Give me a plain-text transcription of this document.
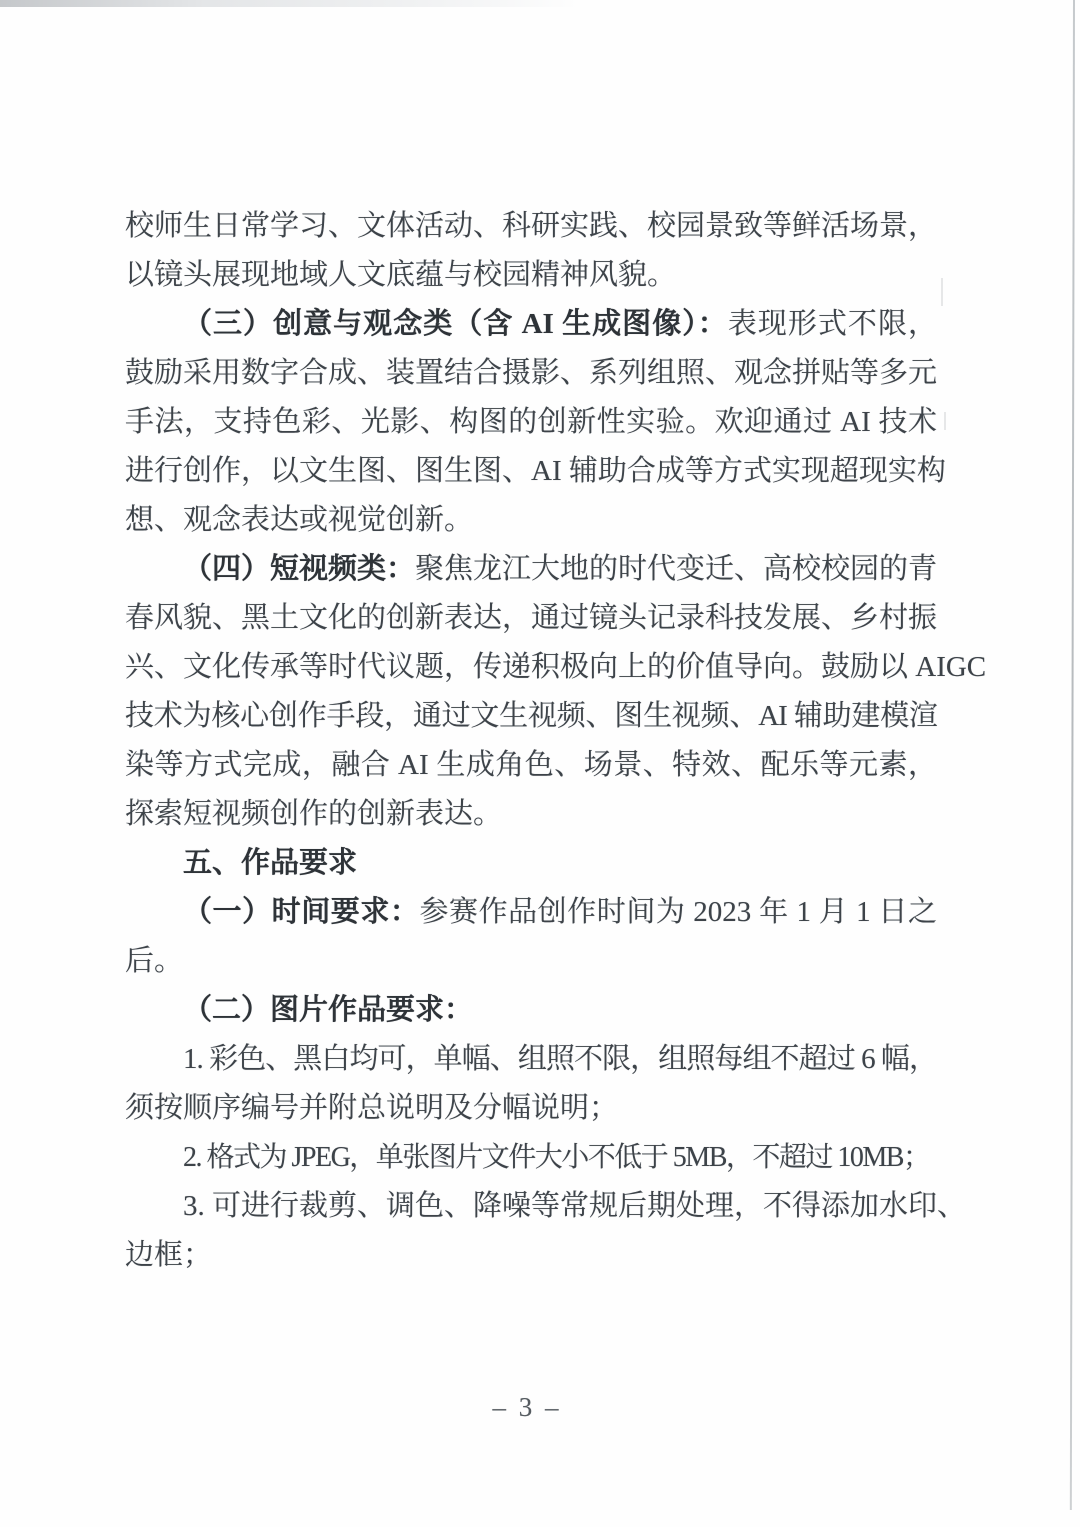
校师生日常学习、文体活动、科研实践、校园景致等鲜活场景，
以镜头展现地域人文底蕴与校园精神风貌。
（三）创意与观念类（含 AI 生成图像）：表现形式不限，
鼓励采用数字合成、装置结合摄影、系列组照、观念拼贴等多元
手法，支持色彩、光影、构图的创新性实验。欢迎通过 AI 技术
进行创作，以文生图、图生图、AI 辅助合成等方式实现超现实构
想、观念表达或视觉创新。
（四）短视频类：聚焦龙江大地的时代变迁、高校校园的青
春风貌、黑土文化的创新表达，通过镜头记录科技发展、乡村振
兴、文化传承等时代议题，传递积极向上的价值导向。鼓励以 AIGC
技术为核心创作手段，通过文生视频、图生视频、AI 辅助建模渲
染等方式完成，融合 AI 生成角色、场景、特效、配乐等元素，
探索短视频创作的创新表达。
五、作品要求
（一）时间要求：参赛作品创作时间为 2023 年 1 月 1 日之
后。
（二）图片作品要求：
1. 彩色、黑白均可，单幅、组照不限，组照每组不超过 6 幅，
须按顺序编号并附总说明及分幅说明；
2. 格式为 JPEG，单张图片文件大小不低于 5MB，不超过 10MB；
3. 可进行裁剪、调色、降噪等常规后期处理，不得添加水印、
边框；
– 3 –
